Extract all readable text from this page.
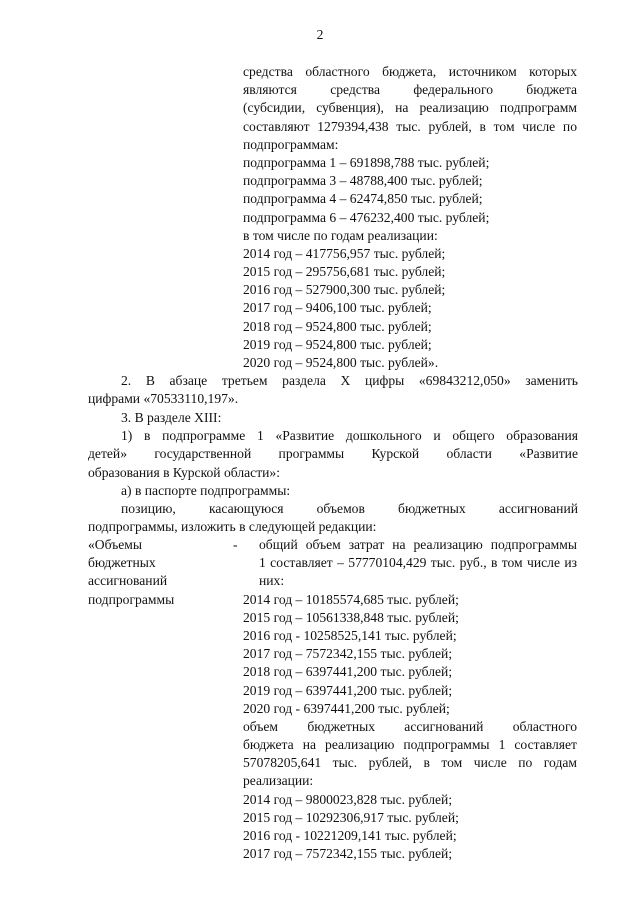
2
средства областного бюджета, источником которых
являются средства федерального бюджета
(субсидии, субвенция), на реализацию подпрограмм
составляют 1279394,438 тыс. рублей, в том числе по
подпрограммам:
подпрограмма 1 – 691898,788 тыс. рублей;
подпрограмма 3 – 48788,400 тыс. рублей;
подпрограмма 4 – 62474,850 тыс. рублей;
подпрограмма 6 – 476232,400 тыс. рублей;
в том числе по годам реализации:
2014 год – 417756,957 тыс. рублей;
2015 год – 295756,681 тыс. рублей;
2016 год – 527900,300 тыс. рублей;
2017 год – 9406,100 тыс. рублей;
2018 год – 9524,800 тыс. рублей;
2019 год – 9524,800 тыс. рублей;
2020 год – 9524,800 тыс. рублей».
2. В абзаце третьем раздела X цифры «69843212,050» заменить
цифрами «70533110,197».
3. В разделе XIII:
1) в подпрограмме 1 «Развитие дошкольного и общего образования
детей» государственной программы Курской области «Развитие
образования в Курской области»:
а) в паспорте подпрограммы:
позицию, касающуюся объемов бюджетных ассигнований
подпрограммы, изложить в следующей редакции:
«Объемы
бюджетных
ассигнований
подпрограммы
-	общий объем затрат на реализацию подпрограммы
1 составляет – 57770104,429 тыс. руб., в том числе из
них:
2014 год – 10185574,685 тыс. рублей;
2015 год – 10561338,848 тыс. рублей;
2016 год - 10258525,141 тыс. рублей;
2017 год – 7572342,155 тыс. рублей;
2018 год – 6397441,200 тыс. рублей;
2019 год – 6397441,200 тыс. рублей;
2020 год - 6397441,200 тыс. рублей;
объем бюджетных ассигнований областного
бюджета на реализацию подпрограммы 1 составляет
57078205,641 тыс. рублей, в том числе по годам
реализации:
2014 год – 9800023,828 тыс. рублей;
2015 год – 10292306,917 тыс. рублей;
2016 год - 10221209,141 тыс. рублей;
2017 год – 7572342,155 тыс. рублей;
